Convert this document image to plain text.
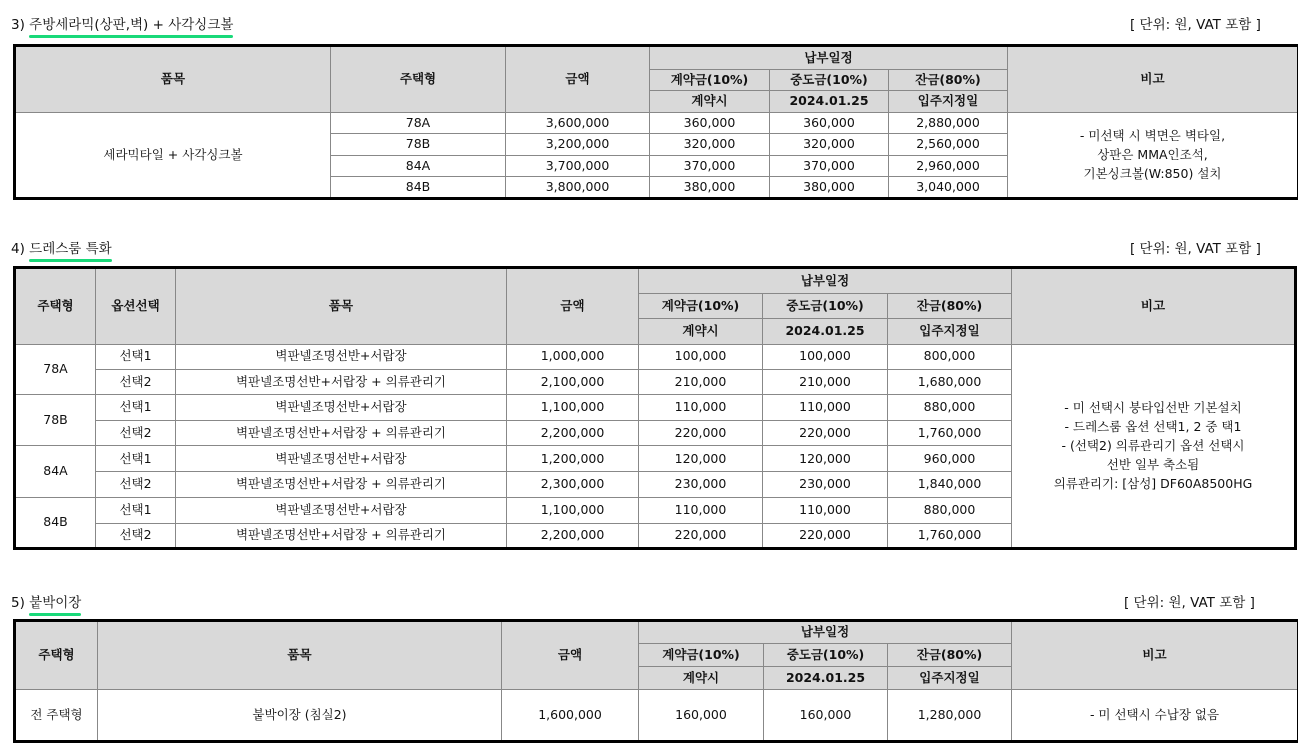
3) 주방세라믹(상판,벽) + 사각싱크볼	[ 단위: 원, VAT 포함 ]
품목	주택형	금액	납부일정			비고
			계약금(10%)	중도금(10%)	잔금(80%)	
			계약시	2024.01.25	입주지정일	
세라믹타일 + 사각싱크볼	78A	3,600,000	360,000	360,000	2,880,000	- 미선택 시 벽면은 벽타일,
상판은 MMA인조석,
기본싱크볼(W:850) 설치

	78B	3,200,000	320,000	320,000	2,560,000	
	84A	3,700,000	370,000	370,000	2,960,000	
	84B	3,800,000	380,000	380,000	3,040,000	
4) 드레스룸 특화	[ 단위: 원, VAT 포함 ]
주택형	옵션선택	품목	금액	납부일정			비고
				계약금(10%)	중도금(10%)	잔금(80%)	
				계약시	2024.01.25	입주지정일	
78A	선택1	벽판넬조명선반+서랍장	1,000,000	100,000	100,000	800,000	- 미 선택시 붕타입선반 기본설치
- 드레스룸 옵션 선택1, 2 중 택1
- (선택2) 의류관리기 옵션 선택시
선반 일부 축소됨
의류관리기: [삼성] DF60A8500HG

	선택2	벽판넬조명선반+서랍장 + 의류관리기	2,100,000	210,000	210,000	1,680,000	
78B	선택1	벽판넬조명선반+서랍장	1,100,000	110,000	110,000	880,000	
	선택2	벽판넬조명선반+서랍장 + 의류관리기	2,200,000	220,000	220,000	1,760,000	
84A	선택1	벽판넬조명선반+서랍장	1,200,000	120,000	120,000	960,000	
	선택2	벽판넬조명선반+서랍장 + 의류관리기	2,300,000	230,000	230,000	1,840,000	
84B	선택1	벽판넬조명선반+서랍장	1,100,000	110,000	110,000	880,000	
	선택2	벽판넬조명선반+서랍장 + 의류관리기	2,200,000	220,000	220,000	1,760,000	
5) 붙박이장	[ 단위: 원, VAT 포함 ]
주택형	품목	금액	납부일정			비고
			계약금(10%)	중도금(10%)	잔금(80%)	
			계약시	2024.01.25	입주지정일	
전 주택형	붙박이장 (침실2)	1,600,000	160,000	160,000	1,280,000	- 미 선택시 수납장 없음
